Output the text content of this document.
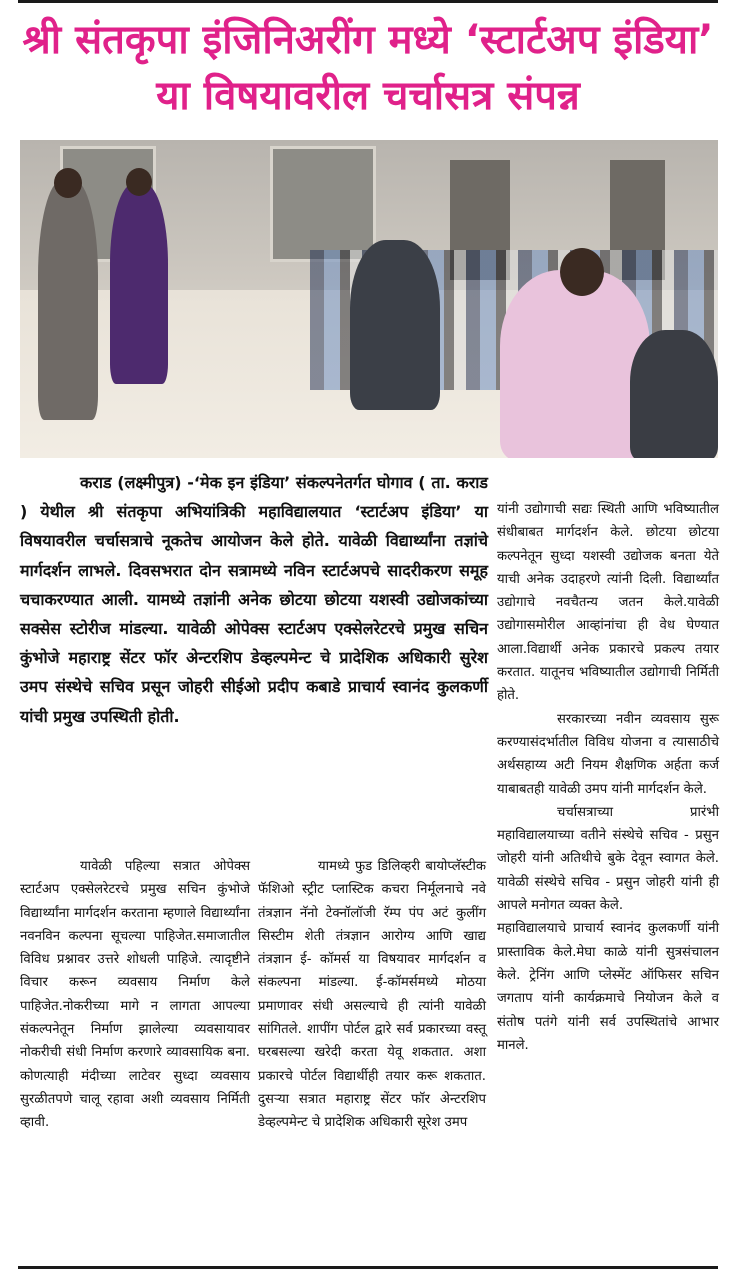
श्री संतकृपा इंजिनिअरींग मध्ये ‘स्टार्टअप इंडिया’ या विषयावरील चर्चासत्र संपन्न

कराड (लक्ष्मीपुत्र) -‘मेक इन इंडिया’ संकल्पनेतर्गत घोगाव ( ता. कराड ) येथील श्री संतकृपा अभियांत्रिकी महाविद्यालयात ‘स्टार्टअप इंडिया’ या विषयावरील चर्चासत्राचे नूकतेच आयोजन केले होते. यावेळी विद्यार्थ्यांना तज्ञांचे मार्गदर्शन लाभले. दिवसभरात दोन सत्रामध्ये नविन स्टार्टअपचे सादरीकरण समूह चचाकरण्यात आली. यामध्ये तज्ञांनी अनेक छोटया छोटया यशस्वी उद्योजकांच्या सक्सेस स्टोरीज मांडल्या. यावेळी ओपेक्स स्टार्टअप एक्सेलरेटरचे प्रमुख सचिन कुंभोजे महाराष्ट्र सेंटर फॉर अेन्टरशिप डेव्हल्पमेन्ट चे प्रादेशिक अधिकारी सुरेश उमप संस्थेचे सचिव प्रसून जोहरी सीईओ प्रदीप कबाडे प्राचार्य स्वानंद कुलकर्णी यांची प्रमुख उपस्थिती होती.

यावेळी पहिल्या सत्रात ओपेक्स स्टार्टअप एक्सेलरेटरचे प्रमुख सचिन कुंभोजे विद्यार्थ्यांना मार्गदर्शन करताना म्हणाले विद्यार्थ्यांना नवनविन कल्पना सूचल्या पाहिजेत.समाजातील विविध प्रश्नावर उत्तरे शोधली पाहिजे. त्यादृष्टीने विचार करून व्यवसाय निर्माण केले पाहिजेत.नोकरीच्या मागे न लागता आपल्या संकल्पनेतून निर्माण झालेल्या व्यवसायावर नोकरीची संधी निर्माण करणारे व्यावसायिक बना. कोणत्याही मंदीच्या लाटेवर सुध्दा व्यवसाय सुरळीतपणे चालू रहावा अशी व्यवसाय निर्मिती व्हावी.

यामध्ये फुड डिलिव्हरी बायोप्लॅस्टीक फॅशिओ स्ट्रीट प्लास्टिक कचरा निर्मूलनाचे नवे तंत्रज्ञान नॅनो टेक्नॉलॉजी रॅम्प पंप अटं कुलींग सिस्टीम शेती तंत्रज्ञान आरोग्य आणि खाद्य तंत्रज्ञान ई- कॉमर्स या विषयावर मार्गदर्शन व संकल्पना मांडल्या. ई-कॉमर्समध्ये मोठया प्रमाणावर संधी असल्याचे ही त्यांनी यावेळी सांगितले. शापींग पोर्टल द्वारे सर्व प्रकारच्या वस्तू घरबसल्या खरेदी करता येवू शकतात. अशा प्रकारचे पोर्टल विद्यार्थीही तयार करू शकतात. दुसऱ्या सत्रात महाराष्ट्र सेंटर फॉर अेन्टरशिप डेव्हल्पमेन्ट चे प्रादेशिक अधिकारी सूरेश उमप

यांनी उद्योगाची सद्यः स्थिती आणि भविष्यातील संधीबाबत मार्गदर्शन केले. छोटया छोटया कल्पनेतून सुध्दा यशस्वी उद्योजक बनता येते याची अनेक उदाहरणे त्यांनी दिली. विद्यार्थ्यांत उद्योगाचे नवचैतन्य जतन केले.यावेळी उद्योगासमोरील आव्हांनांचा ही वेध घेण्यात आला.विद्यार्थी अनेक प्रकारचे प्रकल्प तयार करतात. यातूनच भविष्यातील उद्योगाची निर्मिती होते.

सरकारच्या नवीन व्यवसाय सुरू करण्यासंदर्भातील विविध योजना व त्यासाठीचे अर्थसहाय्य अटी नियम शैक्षणिक अर्हता कर्ज याबाबतही यावेळी उमप यांनी मार्गदर्शन केले.

चर्चासत्राच्या प्रारंभी महाविद्यालयाच्या वतीने संस्थेचे सचिव - प्रसुन जोहरी यांनी अतिथीचे बुके देवून स्वागत केले. यावेळी संस्थेचे सचिव - प्रसुन जोहरी यांनी ही आपले मनोगत व्यक्त केले.

महाविद्यालयाचे प्राचार्य स्वानंद कुलकर्णी यांनी प्रास्ताविक केले.मेघा काळे यांनी सुत्रसंचालन केले. ट्रेनिंग आणि प्लेस्मेंट ऑफिसर सचिन जगताप यांनी कार्यक्रमाचे नियोजन केले व संतोष पतंगे यांनी सर्व उपस्थितांचे आभार मानले.
